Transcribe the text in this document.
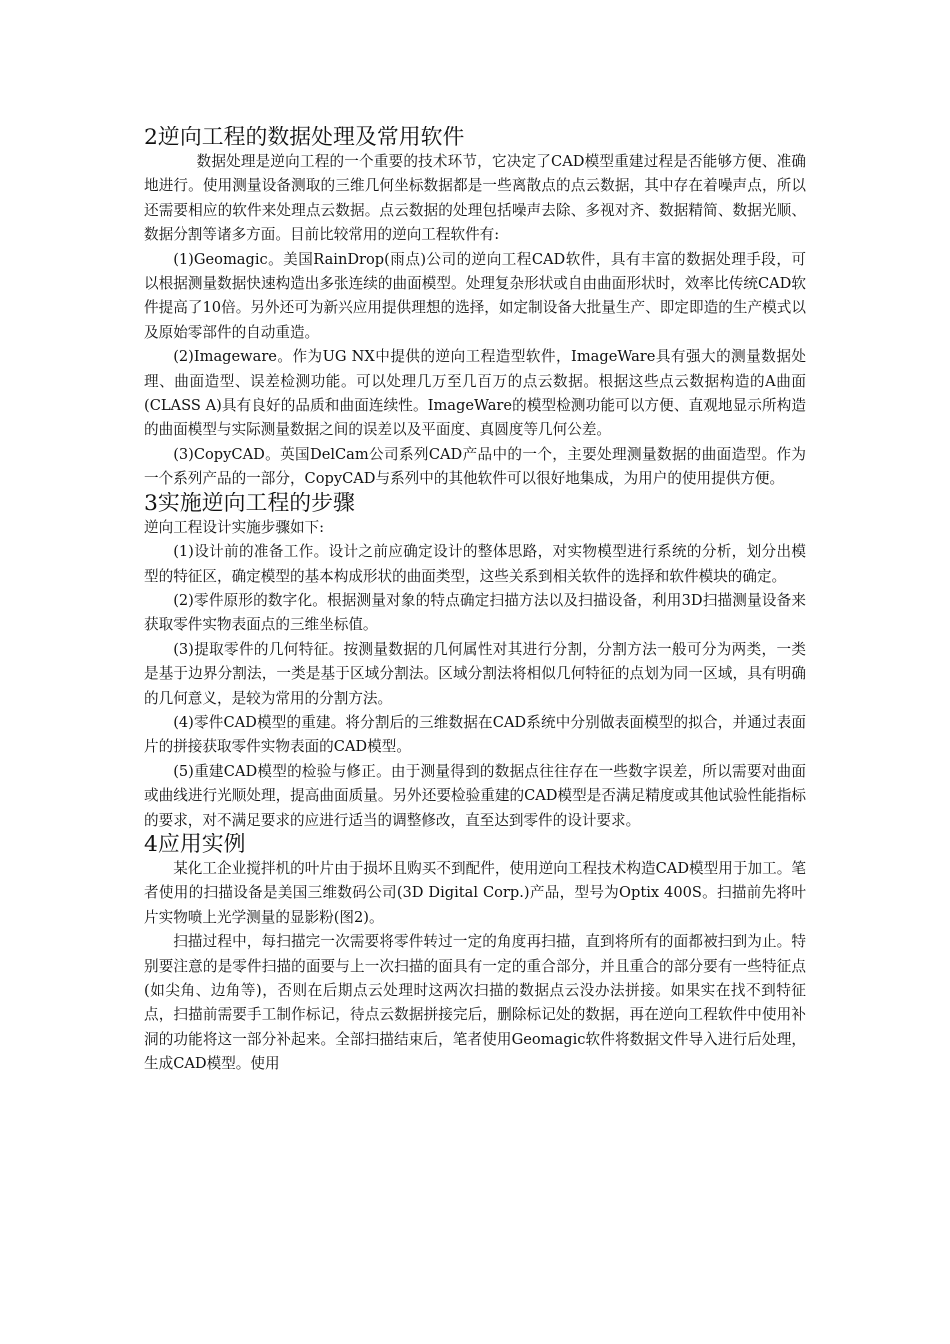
2逆向工程的数据处理及常用软件

数据处理是逆向工程的一个重要的技术环节，它决定了CAD模型重建过程是否能够方便、准确地进行。使用测量设备测取的三维几何坐标数据都是一些离散点的点云数据，其中存在着噪声点，所以还需要相应的软件来处理点云数据。点云数据的处理包括噪声去除、多视对齐、数据精简、数据光顺、数据分割等诸多方面。目前比较常用的逆向工程软件有:

(1)Geomagic。美国RainDrop(雨点)公司的逆向工程CAD软件，具有丰富的数据处理手段，可以根据测量数据快速构造出多张连续的曲面模型。处理复杂形状或自由曲面形状时，效率比传统CAD软件提高了10倍。另外还可为新兴应用提供理想的选择，如定制设备大批量生产、即定即造的生产模式以及原始零部件的自动重造。

(2)Imageware。作为UG NX中提供的逆向工程造型软件，ImageWare具有强大的测量数据处理、曲面造型、误差检测功能。可以处理几万至几百万的点云数据。根据这些点云数据构造的A曲面(CLASS A)具有良好的品质和曲面连续性。ImageWare的模型检测功能可以方便、直观地显示所构造的曲面模型与实际测量数据之间的误差以及平面度、真圆度等几何公差。

(3)CopyCAD。英国DelCam公司系列CAD产品中的一个，主要处理测量数据的曲面造型。作为一个系列产品的一部分，CopyCAD与系列中的其他软件可以很好地集成，为用户的使用提供方便。

3实施逆向工程的步骤

逆向工程设计实施步骤如下:

(1)设计前的准备工作。设计之前应确定设计的整体思路，对实物模型进行系统的分析，划分出模型的特征区，确定模型的基本构成形状的曲面类型，这些关系到相关软件的选择和软件模块的确定。

(2)零件原形的数字化。根据测量对象的特点确定扫描方法以及扫描设备，利用3D扫描测量设备来获取零件实物表面点的三维坐标值。

(3)提取零件的几何特征。按测量数据的几何属性对其进行分割，分割方法一般可分为两类，一类是基于边界分割法，一类是基于区域分割法。区域分割法将相似几何特征的点划为同一区域，具有明确的几何意义，是较为常用的分割方法。

(4)零件CAD模型的重建。将分割后的三维数据在CAD系统中分别做表面模型的拟合，并通过表面片的拼接获取零件实物表面的CAD模型。

(5)重建CAD模型的检验与修正。由于测量得到的数据点往往存在一些数字误差，所以需要对曲面或曲线进行光顺处理，提高曲面质量。另外还要检验重建的CAD模型是否满足精度或其他试验性能指标的要求，对不满足要求的应进行适当的调整修改，直至达到零件的设计要求。

4应用实例

某化工企业搅拌机的叶片由于损坏且购买不到配件，使用逆向工程技术构造CAD模型用于加工。笔者使用的扫描设备是美国三维数码公司(3D Digital Corp.)产品，型号为Optix 400S。扫描前先将叶片实物喷上光学测量的显影粉(图2)。

扫描过程中，每扫描完一次需要将零件转过一定的角度再扫描，直到将所有的面都被扫到为止。特别要注意的是零件扫描的面要与上一次扫描的面具有一定的重合部分，并且重合的部分要有一些特征点(如尖角、边角等)，否则在后期点云处理时这两次扫描的数据点云没办法拼接。如果实在找不到特征点，扫描前需要手工制作标记，待点云数据拼接完后，删除标记处的数据，再在逆向工程软件中使用补洞的功能将这一部分补起来。全部扫描结束后，笔者使用Geomagic软件将数据文件导入进行后处理，生成CAD模型。使用
